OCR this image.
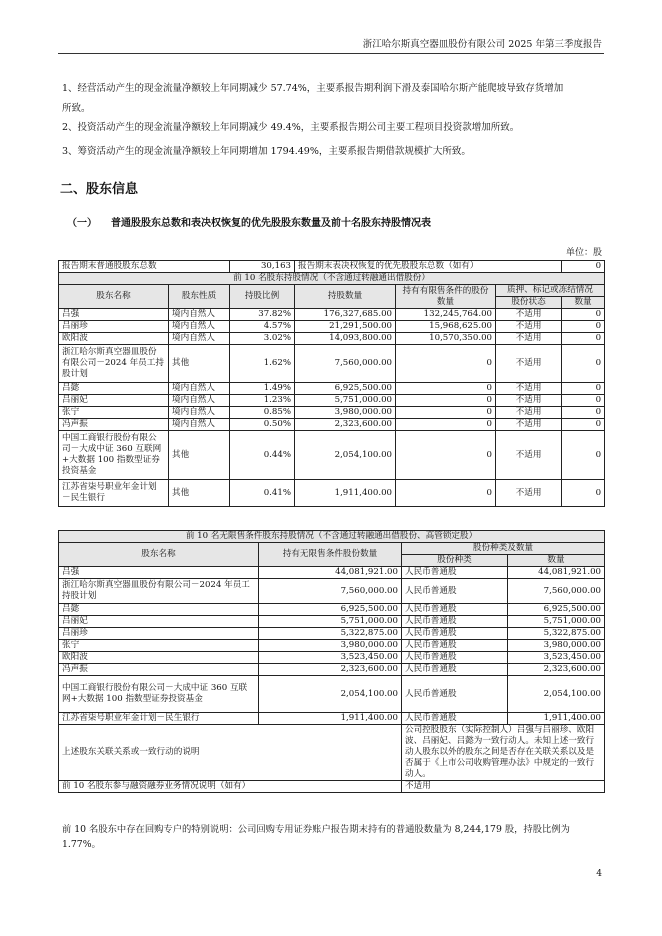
浙江哈尔斯真空器皿股份有限公司 2025 年第三季度报告
1、经营活动产生的现金流量净额较上年同期减少 57.74%，主要系报告期利润下滑及泰国哈尔斯产能爬坡导致存货增加
所致。
2、投资活动产生的现金流量净额较上年同期减少 49.4%，主要系报告期公司主要工程项目投资款增加所致。
3、筹资活动产生的现金流量净额较上年同期增加 1794.49%，主要系报告期借款规模扩大所致。
二、股东信息
（一） 普通股股东总数和表决权恢复的优先股股东数量及前十名股东持股情况表
单位：股
报告期末普通股股东总数		30,163	报告期末表决权恢复的优先股股东总数（如有）			0
前 10 名股东持股情况（不含通过转融通出借股份）						
股东名称	股东性质	持股比例	持股数量	持有有限售条件的股份数量	质押、标记或冻结情况	
					股份状态	数量
吕强	境内自然人	37.82%	176,327,685.00	132,245,764.00	不适用	0
吕丽珍	境内自然人	4.57%	21,291,500.00	15,968,625.00	不适用	0
欧阳波	境内自然人	3.02%	14,093,800.00	10,570,350.00	不适用	0
浙江哈尔斯真空器皿股份有限公司－2024 年员工持股计划	其他	1.62%	7,560,000.00	0	不适用	0
吕懿	境内自然人	1.49%	6,925,500.00	0	不适用	0
吕丽妃	境内自然人	1.23%	5,751,000.00	0	不适用	0
张宁	境内自然人	0.85%	3,980,000.00	0	不适用	0
冯声振	境内自然人	0.50%	2,323,600.00	0	不适用	0
中国工商银行股份有限公司－大成中证 360 互联网+大数据 100 指数型证券投资基金	其他	0.44%	2,054,100.00	0	不适用	0
江苏省柒号职业年金计划－民生银行	其他	0.41%	1,911,400.00	0	不适用	0
前 10 名无限售条件股东持股情况（不含通过转融通出借股份、高管锁定股）			
股东名称	持有无限售条件股份数量	股份种类及数量	
		股份种类	数量
吕强	44,081,921.00	人民币普通股	44,081,921.00
浙江哈尔斯真空器皿股份有限公司－2024 年员工持股计划	7,560,000.00	人民币普通股	7,560,000.00
吕懿	6,925,500.00	人民币普通股	6,925,500.00
吕丽妃	5,751,000.00	人民币普通股	5,751,000.00
吕丽珍	5,322,875.00	人民币普通股	5,322,875.00
张宁	3,980,000.00	人民币普通股	3,980,000.00
欧阳波	3,523,450.00	人民币普通股	3,523,450.00
冯声振	2,323,600.00	人民币普通股	2,323,600.00
中国工商银行股份有限公司－大成中证 360 互联网+大数据 100 指数型证券投资基金	2,054,100.00	人民币普通股	2,054,100.00
江苏省柒号职业年金计划－民生银行	1,911,400.00	人民币普通股	1,911,400.00
上述股东关联关系或一致行动的说明		公司控股股东（实际控制人）吕强与吕丽珍、欧阳波、吕丽妃、吕懿为一致行动人。未知上述一致行动人股东以外的股东之间是否存在关联关系以及是否属于《上市公司收购管理办法》中规定的一致行动人。	
前 10 名股东参与融资融券业务情况说明（如有）		不适用	
前 10 名股东中存在回购专户的特别说明：公司回购专用证券账户报告期末持有的普通股数量为 8,244,179 股，持股比例为 1.77%。
4
